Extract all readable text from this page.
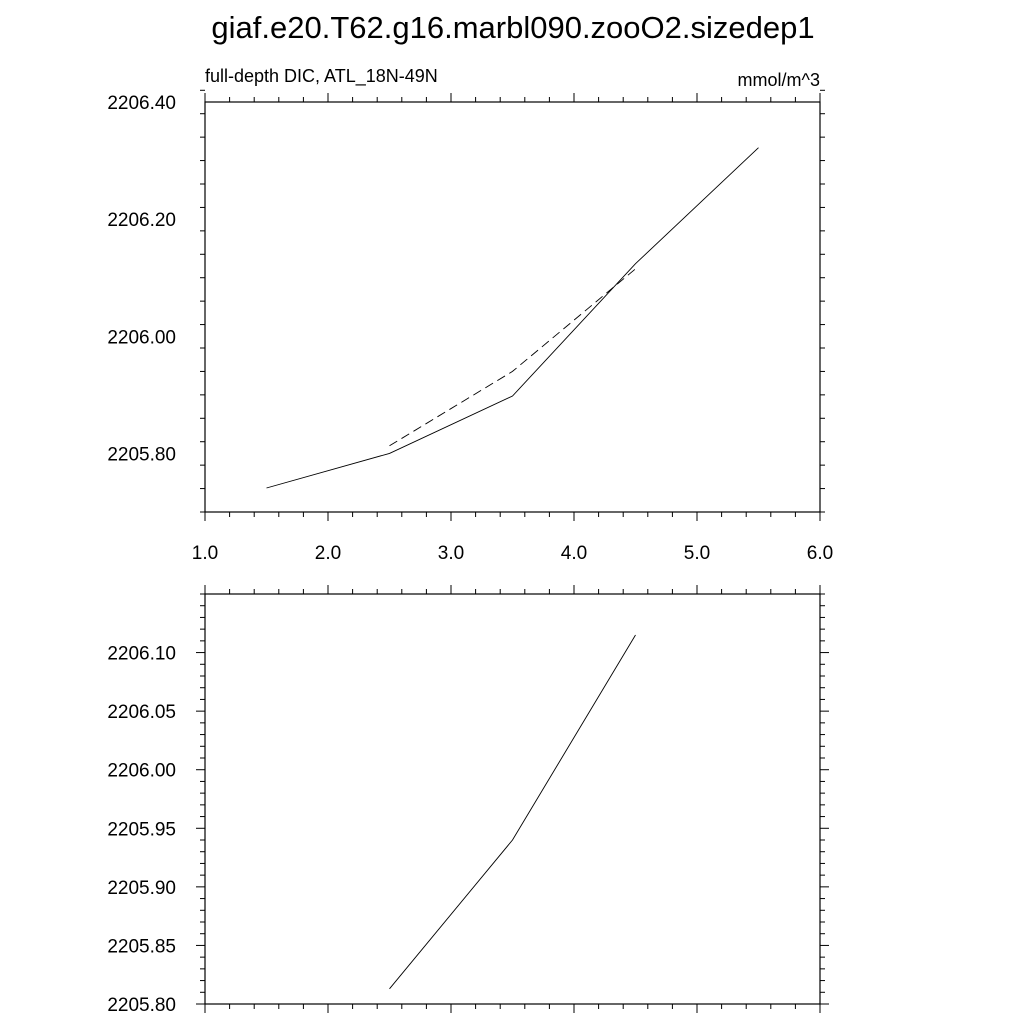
giaf.e20.T62.g16.marbl090.zooO2.sizedep1
full-depth DIC, ATL_18N-49N	mmol/m^3
1.0	2.0	3.0	4.0	5.0	6.0
2205.80
2206.00
2206.20
2206.40
2205.80
2205.85
2205.90
2205.95
2206.00
2206.05
2206.10
